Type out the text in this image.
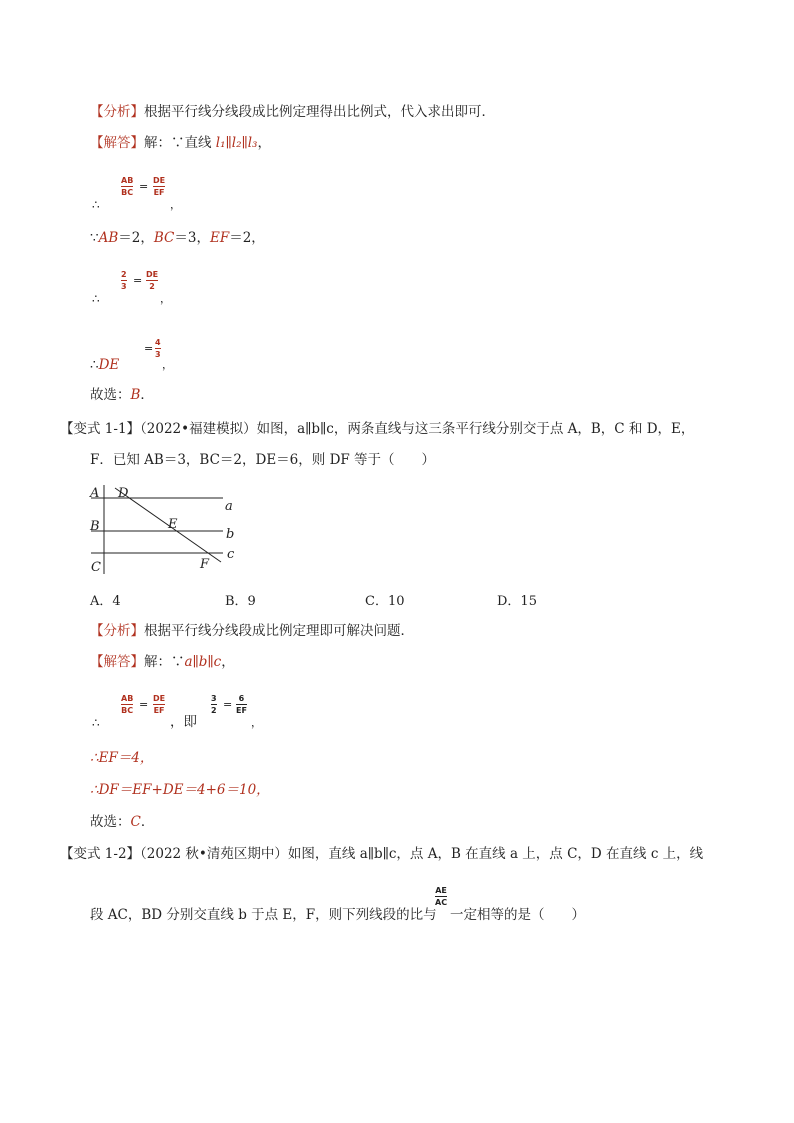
【分析】根据平行线分线段成比例定理得出比例式，代入求出即可．
【解答】解：∵直线 l₁∥l₂∥l₃，
∴
AB
BC = DE
EF
，
∵AB＝2，BC＝3，EF＝2，
∴
2
3 = DE
2
，
∴DE
= 4
3
，
故选：B．
【变式 1-1】（2022•福建模拟）如图，a∥b∥c，两条直线与这三条平行线分别交于点 A，B，C 和 D，E，
F．已知 AB＝3，BC＝2，DE＝6，则 DF 等于（　　）
A D
a
B	E
b
c
C	F
A．4	B．9	C．10	D．15
【分析】根据平行线分线段成比例定理即可解决问题．
【解答】解：∵a∥b∥c，
∴
AB
BC = DE
EF
，即
3
2 = 6
EF
，
∴EF＝4，
∴DF＝EF+DE＝4+6＝10，
故选：C．
【变式 1-2】（2022 秋•清苑区期中）如图，直线 a∥b∥c，点 A，B 在直线 a 上，点 C，D 在直线 c 上，线
段 AC，BD 分别交直线 b 于点 E，F，则下列线段的比与
AE
AC
一定相等的是（　　）
